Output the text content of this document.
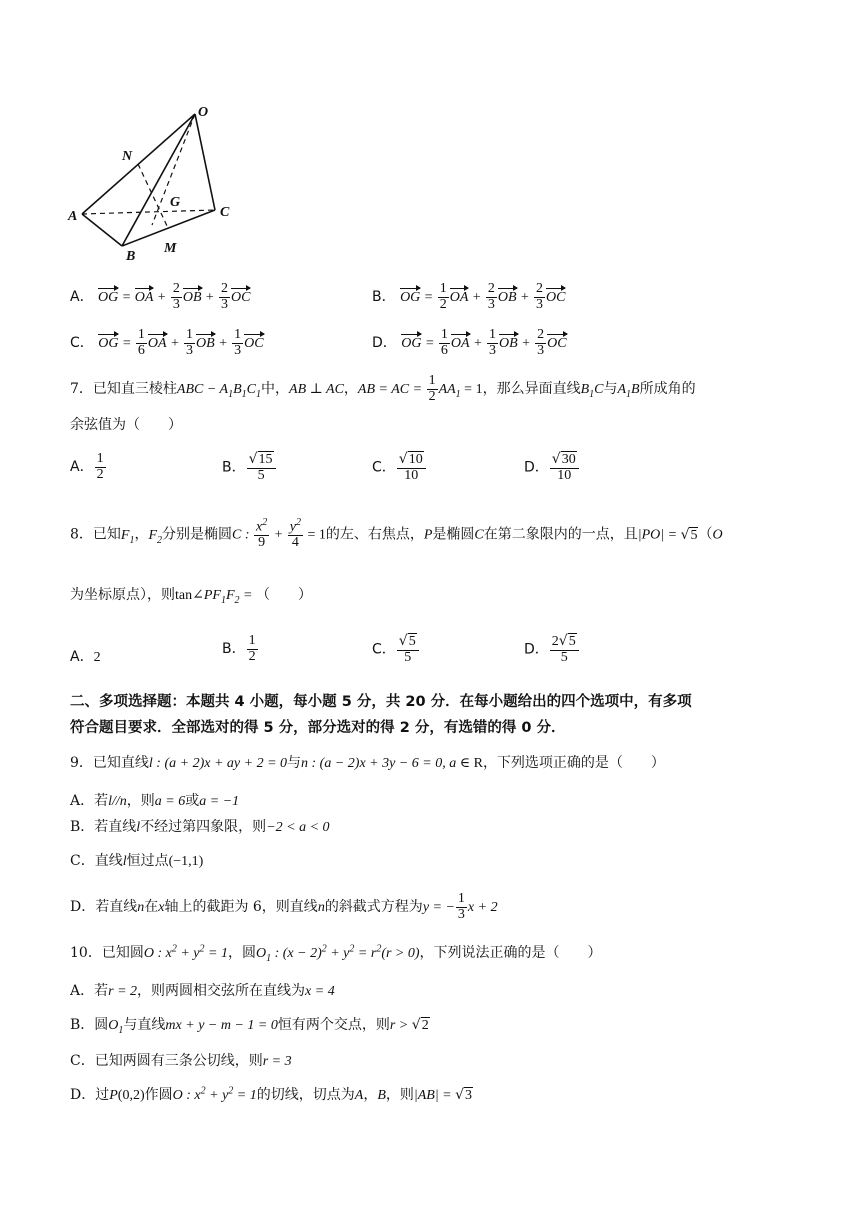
O
N
A
G
C
B
M
A． OG = OA + $\frac{2}{3}$ OB + $\frac{2}{3}$ OC	B． OG = $\frac{1}{2}$ OA + $\frac{2}{3}$ OB + $\frac{2}{3}$ OC
C． OG = $\frac{1}{6}$ OA + $\frac{1}{3}$ OB + $\frac{1}{3}$ OC	D． OG = $\frac{1}{6}$ OA + $\frac{1}{3}$ OB + $\frac{2}{3}$ OC
7．已知直三棱柱ABC − $A_1B_1C_1$中，AB ⊥ AC，AB = AC = $\frac{1}{2} AA_1 = 1$，那么异面直线$B_1C$与$A_1B$所成角的
余弦值为（　　）
A． $\frac{1}{2}$	B． $\frac{√15}{5}$	C． $\frac{√10}{10}$	D． $\frac{√30}{10}$
8．已知$F_1$，$F_2$分别是椭圆C : $\frac{x^2}{9} + \frac{y^2}{4} = 1$的左、右焦点，P是椭圆C在第二象限内的一点，且|PO| = √5（O
为坐标原点），则$\tan\angle PF_1F_2$ = （　　）
A．2
B． $\frac{1}{2}$	C． $\frac{√5}{5}$	D． $\frac{2√5}{5}$
二、多项选择题：本题共 4 小题，每小题 5 分，共 20 分．在每小题给出的四个选项中，有多项
符合题目要求．全部选对的得 5 分，部分选对的得 2 分，有选错的得 0 分．
9．已知直线l : (a + 2)x + ay + 2 = 0与n : (a − 2)x + 3y − 6 = 0, a ∈ R，下列选项正确的是（　　）
A．若l//n，则a = 6或a = −1
B．若直线l不经过第四象限，则−2 < a < 0
C．直线l恒过点(−1,1)
D．若直线n在x轴上的截距为 6，则直线n的斜截式方程为y = − $\frac{1}{3}$ x + 2
10．已知圆O : $x^2 + y^2 = 1$，圆$O_1$ : $(x - 2)^2 + y^2 = r^2(r > 0)$，下列说法正确的是（　　）
A．若r = 2，则两圆相交弦所在直线为x = 4
B．圆$O_1$与直线mx + y − m − 1 = 0恒有两个交点，则r > √2
C．已知两圆有三条公切线，则r = 3
D．过P(0,2)作圆O : $x^2 + y^2 = 1$的切线，切点为A，B，则|AB| = √3
